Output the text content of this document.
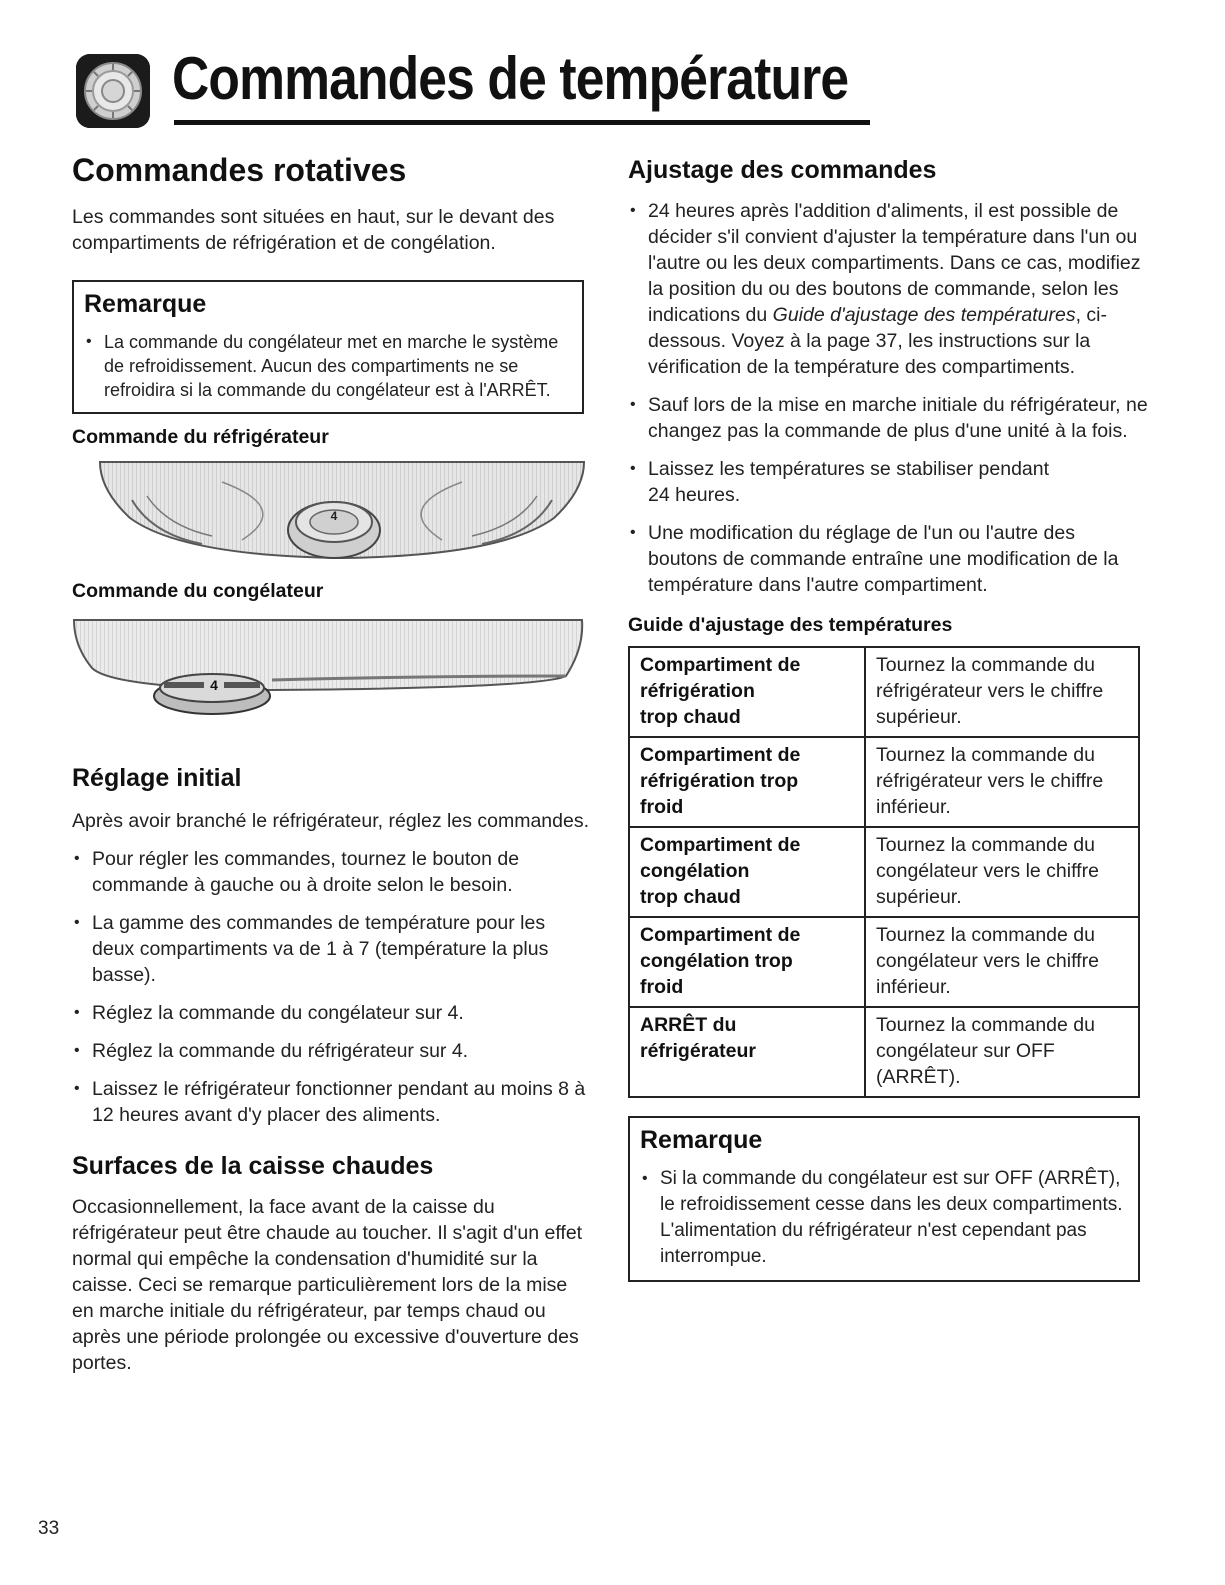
Commandes de température
Commandes rotatives

Les commandes sont situées en haut, sur le devant des compartiments de réfrigération et de congélation.

Remarque
• La commande du congélateur met en marche le système de refroidissement. Aucun des compartiments ne se refroidira si la commande du congélateur est à l'ARRÊT.

Commande du réfrigérateur

4

Commande du congélateur

4
Réglage initial

Après avoir branché le réfrigérateur, réglez les commandes.

• Pour régler les commandes, tournez le bouton de commande à gauche ou à droite selon le besoin.
• La gamme des commandes de température pour les deux compartiments va de 1 à 7 (température la plus basse).
• Réglez la commande du congélateur sur 4.
• Réglez la commande du réfrigérateur sur 4.
• Laissez le réfrigérateur fonctionner pendant au moins 8 à 12 heures avant d'y placer des aliments.
Surfaces de la caisse chaudes

Occasionnellement, la face avant de la caisse du réfrigérateur peut être chaude au toucher. Il s'agit d'un effet normal qui empêche la condensation d'humidité sur la caisse. Ceci se remarque particulièrement lors de la mise en marche initiale du réfrigérateur, par temps chaud ou après une période prolongée ou excessive d'ouverture des portes.

Ajustage des commandes
• 24 heures après l'addition d'aliments, il est possible de décider s'il convient d'ajuster la température dans l'un ou l'autre ou les deux compartiments. Dans ce cas, modifiez la position du ou des boutons de commande, selon les indications du Guide d'ajustage des températures, ci-dessous. Voyez à la page 37, les instructions sur la vérification de la température des compartiments.
• Sauf lors de la mise en marche initiale du réfrigérateur, ne changez pas la commande de plus d'une unité à la fois.
• Laissez les températures se stabiliser pendant
24 heures.
• Une modification du réglage de l'un ou l'autre des boutons de commande entraîne une modification de la température dans l'autre compartiment.

Guide d'ajustage des températures

Compartiment de
réfrigération
trop chaud	Tournez la commande du réfrigérateur vers le chiffre supérieur.
Compartiment de
réfrigération trop
froid	Tournez la commande du réfrigérateur vers le chiffre inférieur.
Compartiment de
congélation
trop chaud	Tournez la commande du congélateur vers le chiffre supérieur.
Compartiment de
congélation trop
froid	Tournez la commande du congélateur vers le chiffre inférieur.
ARRÊT du
réfrigérateur	Tournez la commande du congélateur sur OFF
(ARRÊT).
Remarque
• Si la commande du congélateur est sur OFF (ARRÊT), le refroidissement cesse dans les deux compartiments. L'alimentation du réfrigérateur n'est cependant pas interrompue.
33
